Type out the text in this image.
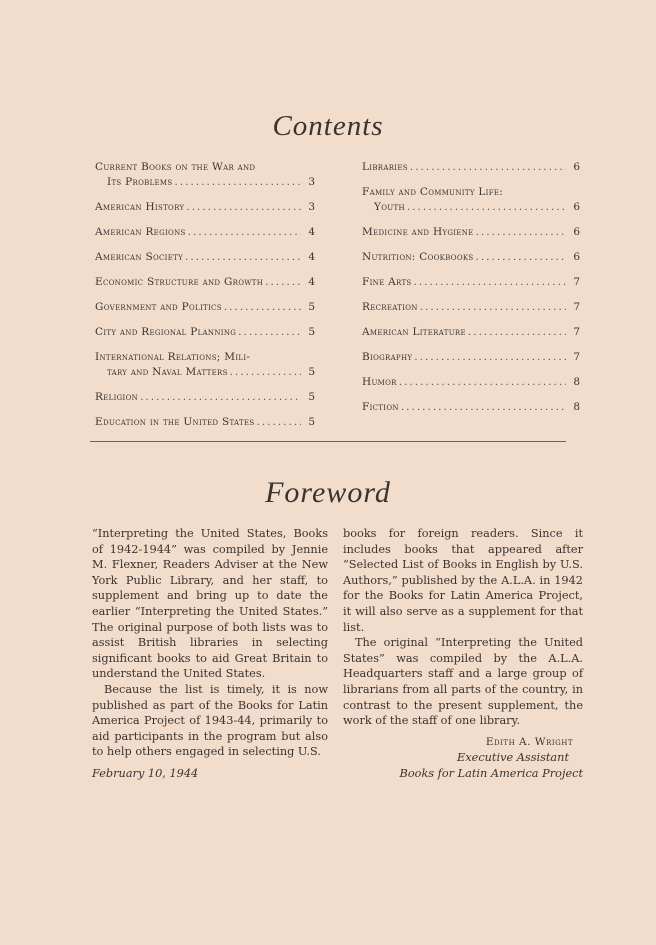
Contents
Current Books on the War and
Its Problems .....	3
American History .....	3
American Regions .....	4
American Society .....	4
Economic Structure and Growth .....	4
Government and Politics .....	5
City and Regional Planning .....	5
International Relations; Mili-
tary and Naval Matters .....	5
Religion .....	5
Education in the United States .....	5
Libraries .....	6
Family and Community Life:
Youth .....	6
Medicine and Hygiene .....	6
Nutrition: Cookbooks .....	6
Fine Arts .....	7
Recreation .....	7
American Literature .....	7
Biography .....	7
Humor .....	8
Fiction .....	8
Foreword

“Interpreting the United States, Books of 1942-1944” was compiled by Jennie M. Flexner, Readers Adviser at the New York Public Library, and her staff, to supplement and bring up to date the earlier “Interpreting the United States.” The original purpose of both lists was to assist British libraries in selecting significant books to aid Great Britain to understand the United States.

Because the list is timely, it is now published as part of the Books for Latin America Project of 1943-44, primarily to aid participants in the program but also to help others engaged in selecting U.S.

February 10, 1944

books for foreign readers. Since it includes books that appeared after “Selected List of Books in English by U.S. Authors,” published by the A.L.A. in 1942 for the Books for Latin America Project, it will also serve as a supplement for that list.

The original “Interpreting the United States” was compiled by the A.L.A. Headquarters staff and a large group of librarians from all parts of the country, in contrast to the present supplement, the work of the staff of one library.

Edith A. Wright
Executive Assistant
Books for Latin America Project
